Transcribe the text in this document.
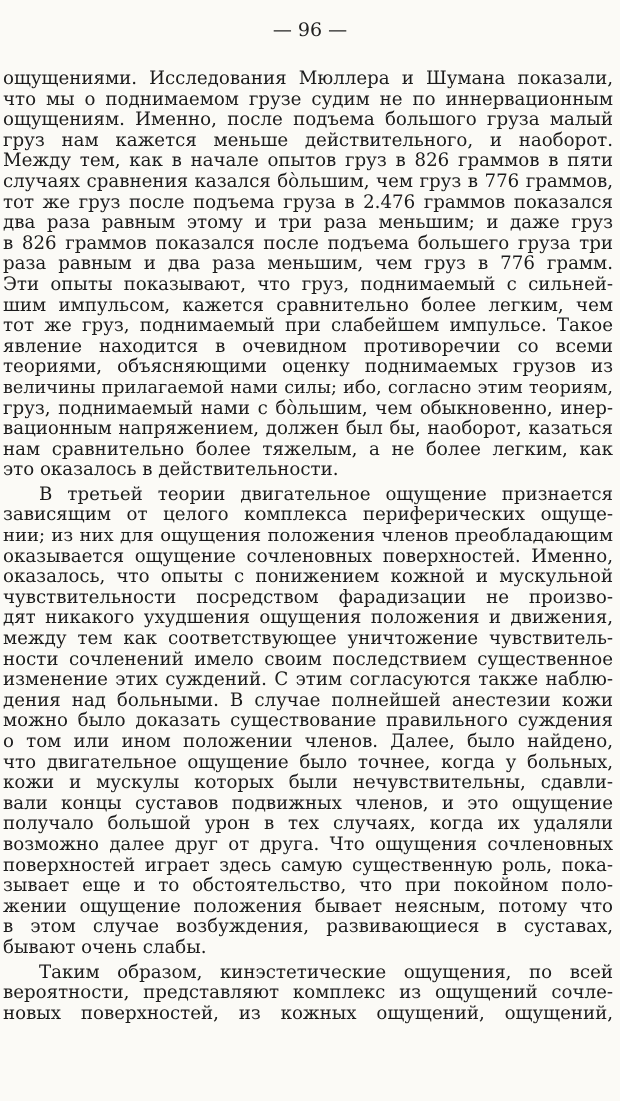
— 96 —
ощущениями. Исследования Мюллера и Шумана показали,
что мы о поднимаемом грузе судим не по иннервационным
ощущениям. Именно, после подъема большого груза малый
груз нам кажется меньше действительного, и наоборот.
Между тем, как в начале опытов груз в 826 граммов в пяти
случаях сравнения казался бо̀льшим, чем груз в 776 граммов,
тот же груз после подъема груза в 2.476 граммов показался
два раза равным этому и три раза меньшим; и даже груз
в 826 граммов показался после подъема большего груза три
раза равным и два раза меньшим, чем груз в 776 грамм.
Эти опыты показывают, что груз, поднимаемый с сильней-
шим импульсом, кажется сравнительно более легким, чем
тот же груз, поднимаемый при слабейшем импульсе. Такое
явление находится в очевидном противоречии со всеми
теориями, объясняющими оценку поднимаемых грузов из
величины прилагаемой нами силы; ибо, согласно этим теориям,
груз, поднимаемый нами с бо̀льшим, чем обыкновенно, инер-
вационным напряжением, должен был бы, наоборот, казаться
нам сравнительно более тяжелым, а не более легким, как
это оказалось в действительности.
В третьей теории двигательное ощущение признается
зависящим от целого комплекса периферических ощуще-
нии; из них для ощущения положения членов преобладающим
оказывается ощущение сочленовных поверхностей. Именно,
оказалось, что опыты с понижением кожной и мускульной
чувствительности посредством фарадизации не произво-
дят никакого ухудшения ощущения положения и движения,
между тем как соответствующее уничтожение чувствитель-
ности сочленений имело своим последствием существенное
изменение этих суждений. С этим согласуются также наблю-
дения над больными. В случае полнейшей анестезии кожи
можно было доказать существование правильного суждения
о том или ином положении членов. Далее, было найдено,
что двигательное ощущение было точнее, когда у больных,
кожи и мускулы которых были нечувствительны, сдавли-
вали концы суставов подвижных членов, и это ощущение
получало большой урон в тех случаях, когда их удаляли
возможно далее друг от друга. Что ощущения сочленовных
поверхностей играет здесь самую существенную роль, пока-
зывает еще и то обстоятельство, что при покойном поло-
жении ощущение положения бывает неясным, потому что
в этом случае возбуждения, развивающиеся в суставах,
бывают очень слабы.
Таким образом, кинэстетические ощущения, по всей
вероятности, представляют комплекс из ощущений сочле-
новых поверхностей, из кожных ощущений, ощущений,
